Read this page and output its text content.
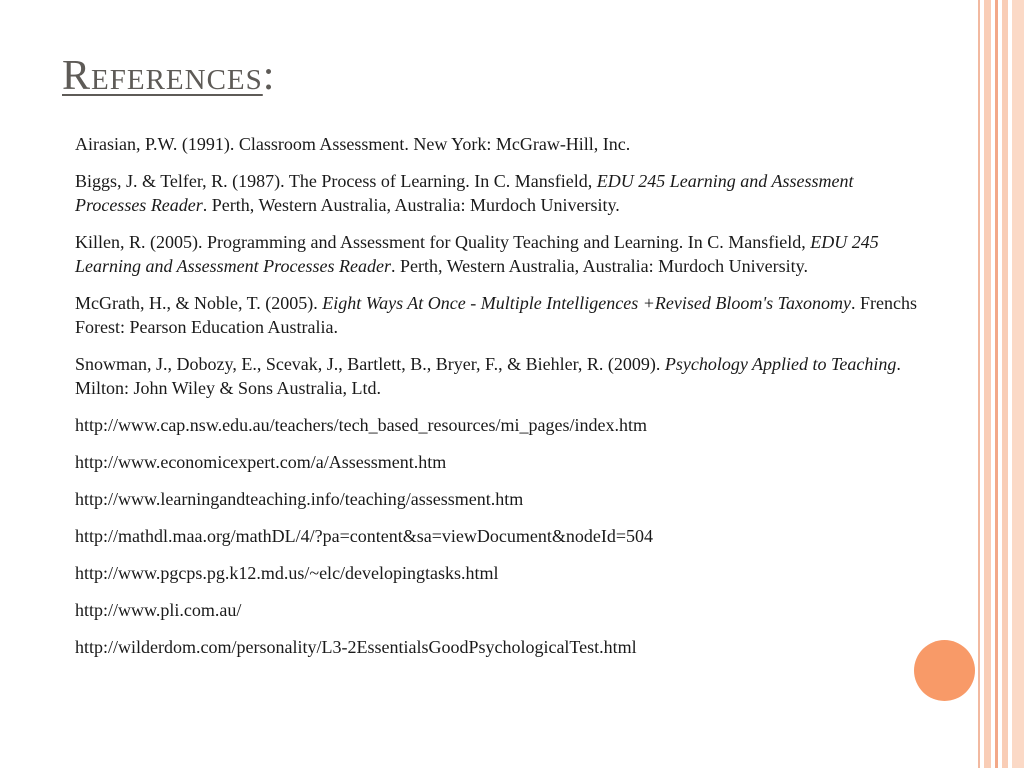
References:

Airasian, P.W. (1991). Classroom Assessment. New York: McGraw-Hill, Inc.

Biggs, J. & Telfer, R. (1987). The Process of Learning. In C. Mansfield, EDU 245 Learning and Assessment Processes Reader. Perth, Western Australia, Australia: Murdoch University.

Killen, R. (2005). Programming and Assessment for Quality Teaching and Learning. In C. Mansfield, EDU 245 Learning and Assessment Processes Reader. Perth, Western Australia, Australia: Murdoch University.

McGrath, H., & Noble, T. (2005). Eight Ways At Once - Multiple Intelligences +Revised Bloom's Taxonomy. Frenchs Forest: Pearson Education Australia.

Snowman, J., Dobozy, E., Scevak, J., Bartlett, B., Bryer, F., & Biehler, R. (2009). Psychology Applied to Teaching. Milton: John Wiley & Sons Australia, Ltd.

http://www.cap.nsw.edu.au/teachers/tech_based_resources/mi_pages/index.htm

http://www.economicexpert.com/a/Assessment.htm

http://www.learningandteaching.info/teaching/assessment.htm

http://mathdl.maa.org/mathDL/4/?pa=content&sa=viewDocument&nodeId=504

http://www.pgcps.pg.k12.md.us/~elc/developingtasks.html

http://www.pli.com.au/

http://wilderdom.com/personality/L3-2EssentialsGoodPsychologicalTest.html
